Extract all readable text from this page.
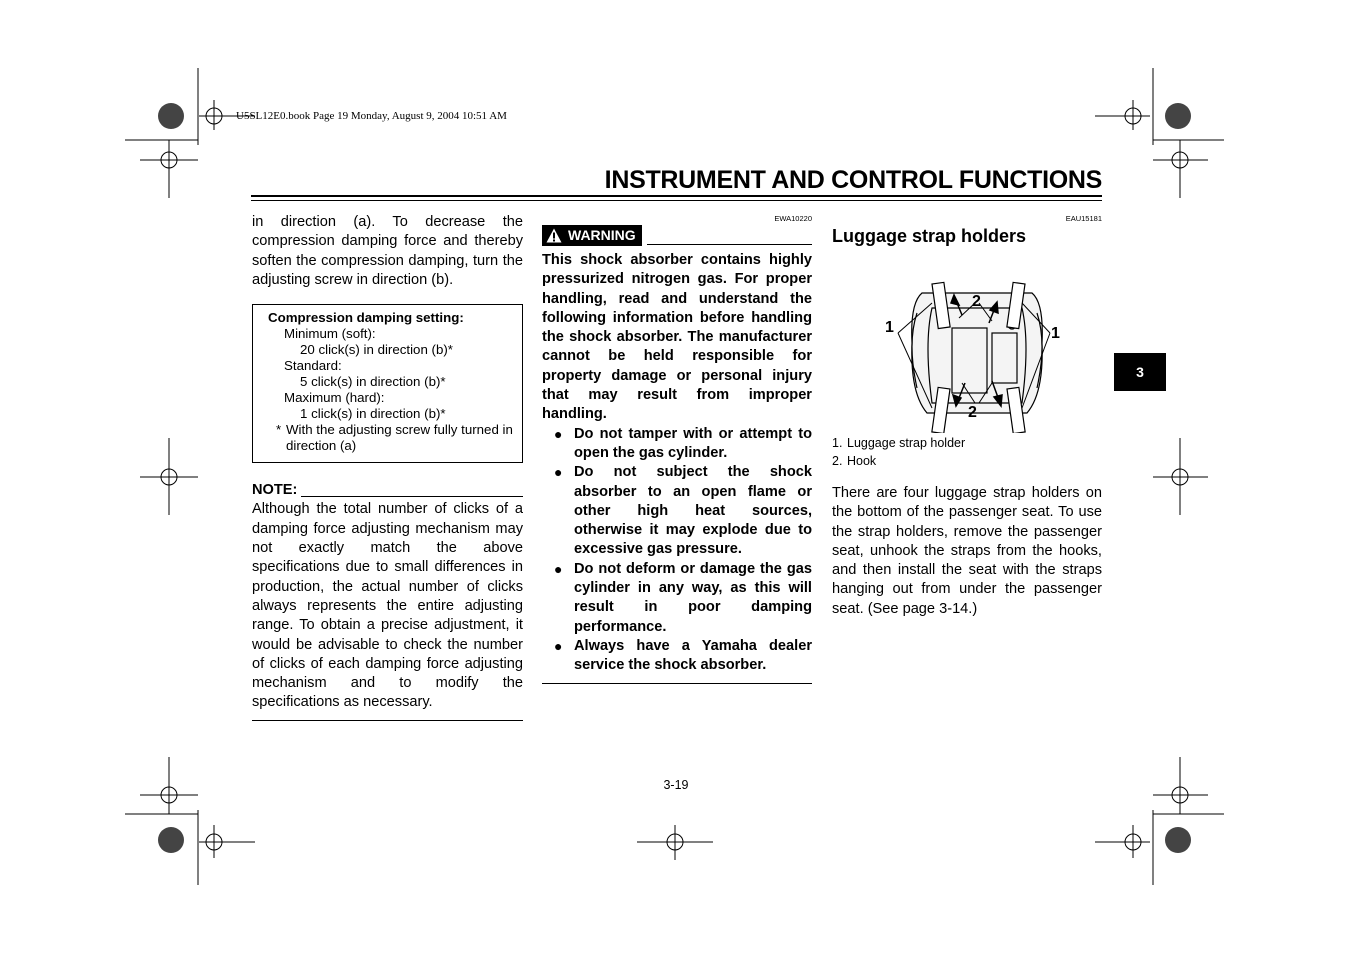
U5SL12E0.book Page 19 Monday, August 9, 2004 10:51 AM
INSTRUMENT AND CONTROL FUNCTIONS

in direction (a). To decrease the compression damping force and thereby soften the compression damping, turn the adjusting screw in direction (b).

Compression damping setting:
Minimum (soft):
20 click(s) in direction (b)*
Standard:
5 click(s) in direction (b)*
Maximum (hard):
1 click(s) in direction (b)*
* With the adjusting screw fully turned in direction (a)
NOTE:

Although the total number of clicks of a damping force adjusting mechanism may not exactly match the above specifications due to small differences in production, the actual number of clicks always represents the entire adjusting range. To obtain a precise adjustment, it would be advisable to check the number of clicks of each damping force adjusting mechanism and to modify the specifications as necessary.

EWA10220
WARNING

This shock absorber contains highly pressurized nitrogen gas. For proper handling, read and understand the following information before handling the shock absorber. The manufacturer cannot be held responsible for property damage or personal injury that may result from improper handling.

● Do not tamper with or attempt to open the gas cylinder.
● Do not subject the shock absorber to an open flame or other high heat sources, otherwise it may explode due to excessive gas pressure.
● Do not deform or damage the gas cylinder in any way, as this will result in poor damping performance.
● Always have a Yamaha dealer service the shock absorber.
EAU15181
Luggage strap holders
2
2
1	1
1. Luggage strap holder
2. Hook

There are four luggage strap holders on the bottom of the passenger seat. To use the strap holders, remove the passenger seat, unhook the straps from the hooks, and then install the seat with the straps hanging out from under the passenger seat. (See page 3-14.)

3
3-19
